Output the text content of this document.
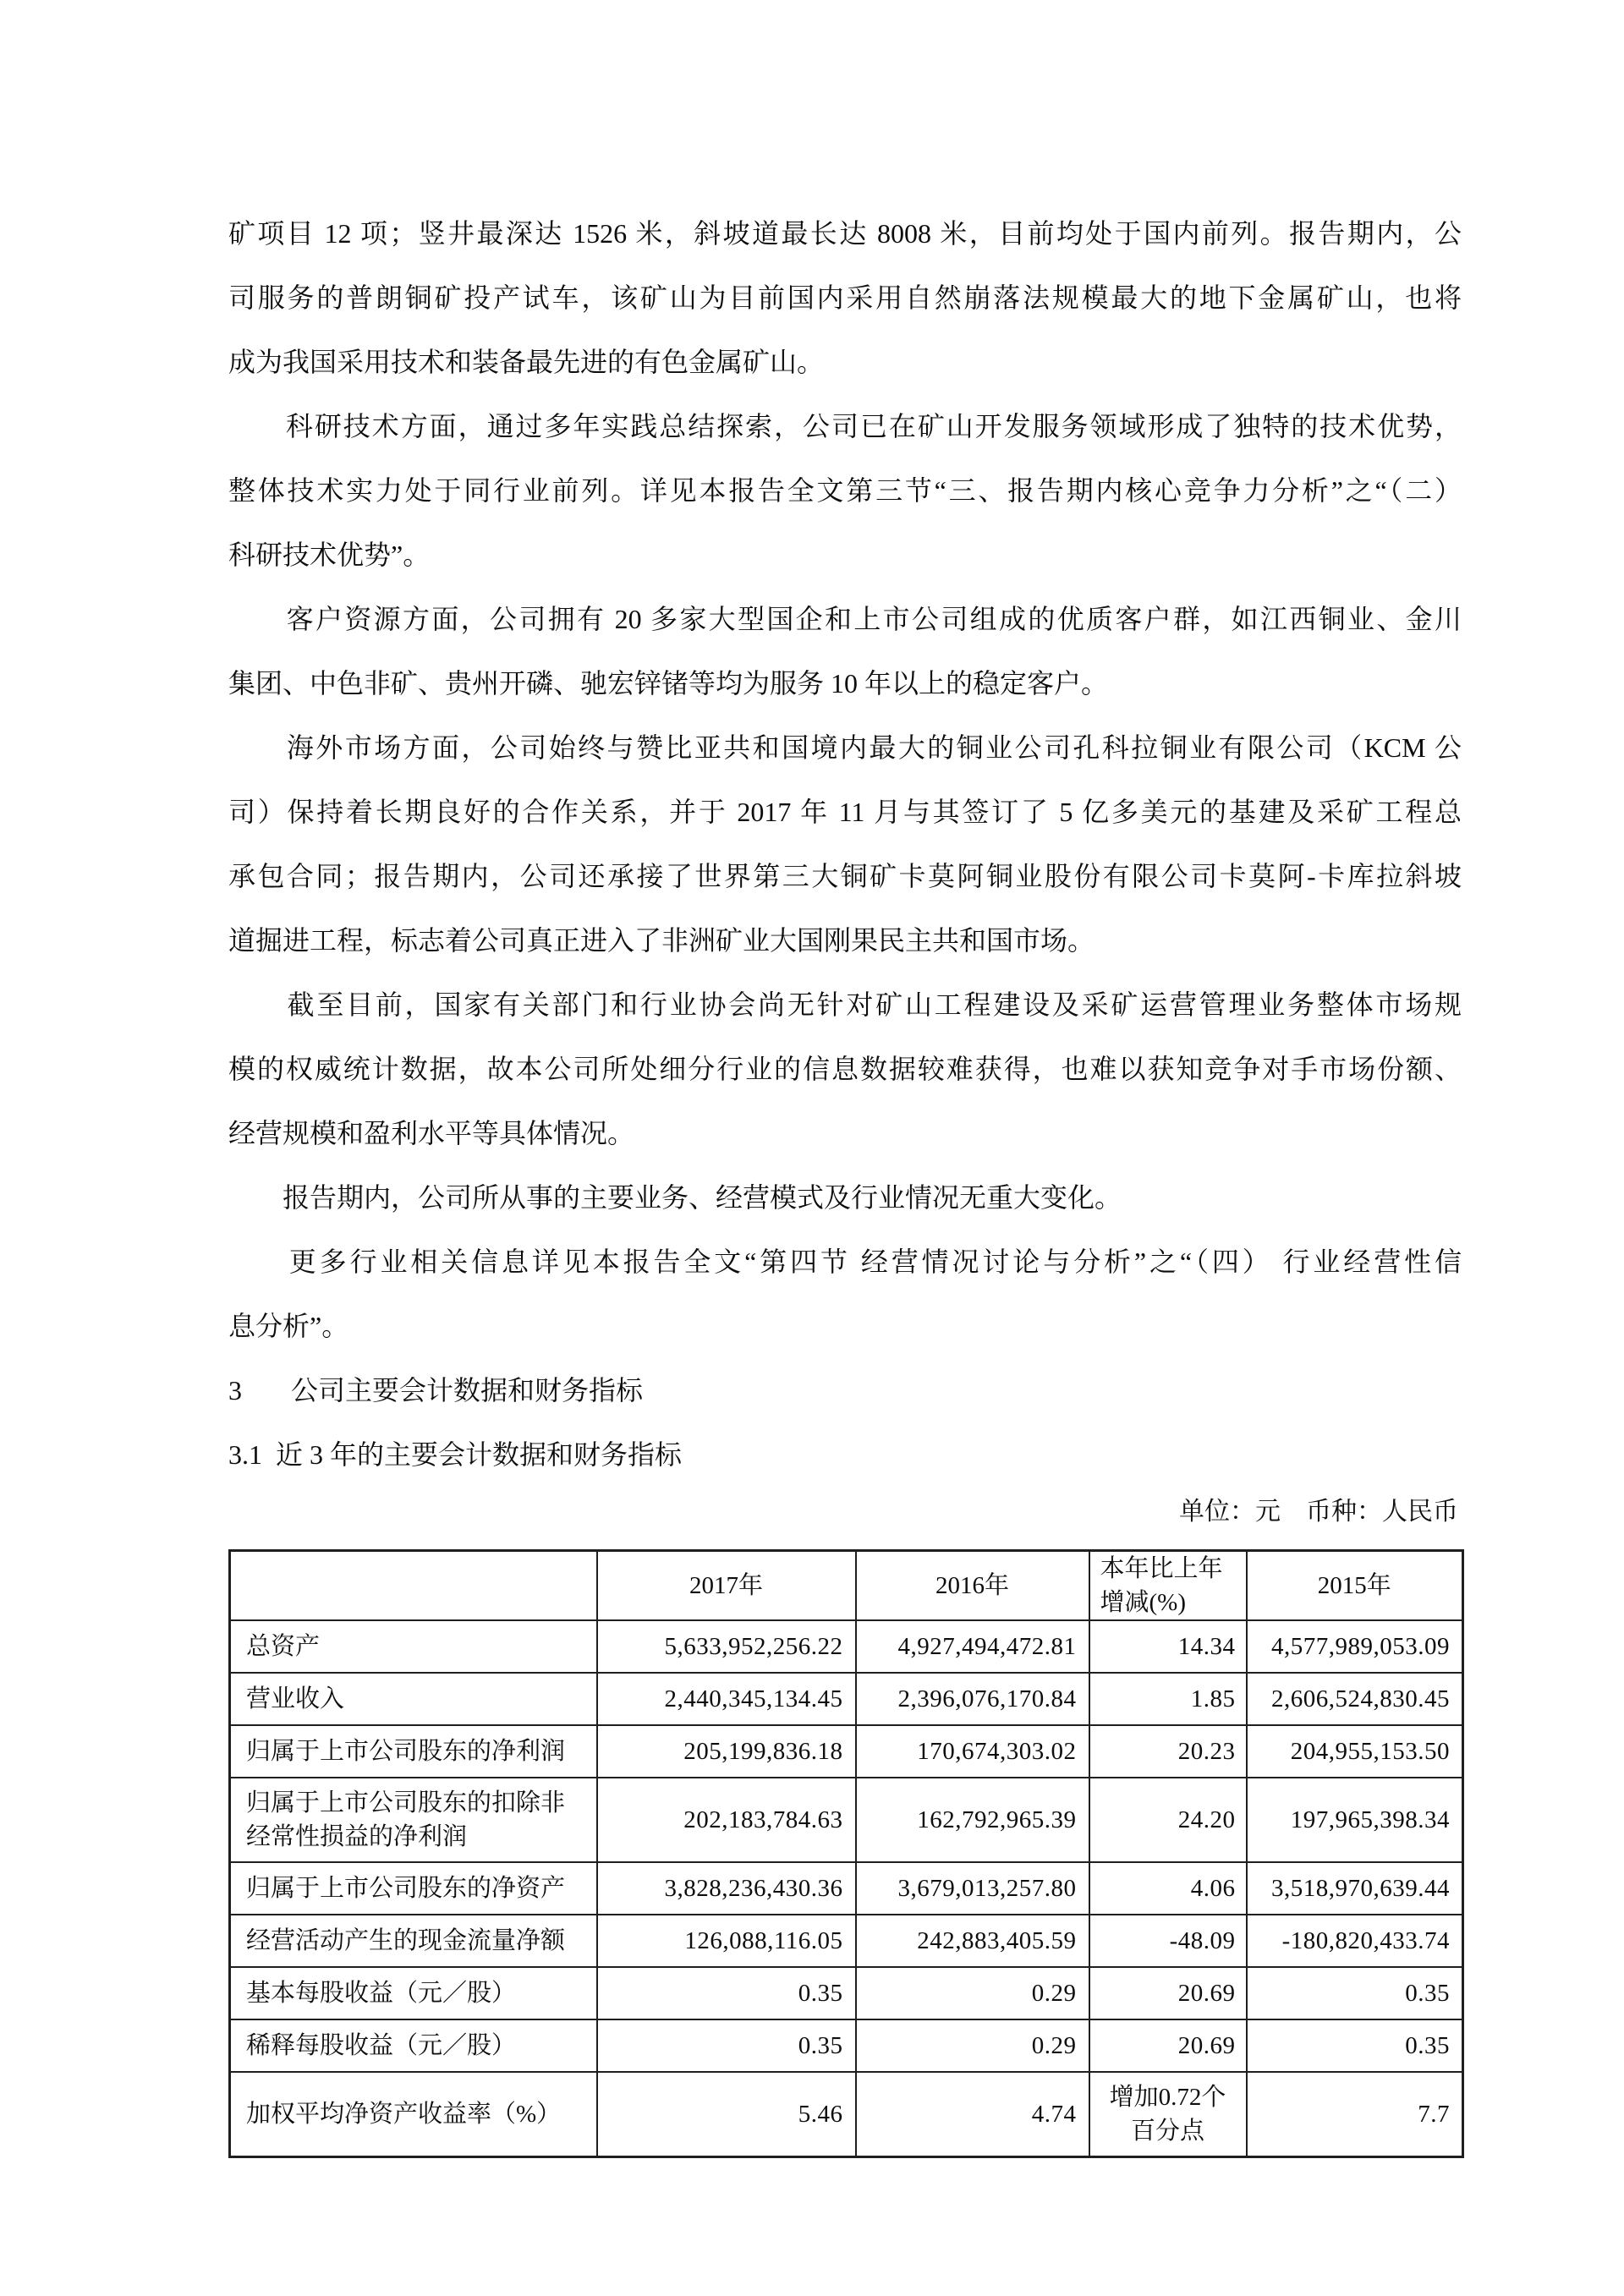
矿项目 12 项；竖井最深达 1526 米，斜坡道最长达 8008 米，目前均处于国内前列。报告期内，公
司服务的普朗铜矿投产试车，该矿山为目前国内采用自然崩落法规模最大的地下金属矿山，也将
成为我国采用技术和装备最先进的有色金属矿山。
　　科研技术方面，通过多年实践总结探索，公司已在矿山开发服务领域形成了独特的技术优势，
整体技术实力处于同行业前列。详见本报告全文第三节“三、报告期内核心竞争力分析”之“（二）
科研技术优势”。
　　客户资源方面，公司拥有 20 多家大型国企和上市公司组成的优质客户群，如江西铜业、金川
集团、中色非矿、贵州开磷、驰宏锌锗等均为服务 10 年以上的稳定客户。
　　海外市场方面，公司始终与赞比亚共和国境内最大的铜业公司孔科拉铜业有限公司（KCM 公
司）保持着长期良好的合作关系，并于 2017 年 11 月与其签订了 5 亿多美元的基建及采矿工程总
承包合同；报告期内，公司还承接了世界第三大铜矿卡莫阿铜业股份有限公司卡莫阿-卡库拉斜坡
道掘进工程，标志着公司真正进入了非洲矿业大国刚果民主共和国市场。
　　截至目前，国家有关部门和行业协会尚无针对矿山工程建设及采矿运营管理业务整体市场规
模的权威统计数据，故本公司所处细分行业的信息数据较难获得，也难以获知竞争对手市场份额、
经营规模和盈利水平等具体情况。
　　报告期内，公司所从事的主要业务、经营模式及行业情况无重大变化。
　　更多行业相关信息详见本报告全文“第四节 经营情况讨论与分析”之“（四） 行业经营性信
息分析”。
3 公司主要会计数据和财务指标
3.1 近 3 年的主要会计数据和财务指标
单位：元　币种：人民币
	2017年	2016年	本年比上年增减(%)	2015年
总资产	5,633,952,256.22	4,927,494,472.81	14.34	4,577,989,053.09
营业收入	2,440,345,134.45	2,396,076,170.84	1.85	2,606,524,830.45
归属于上市公司股东的净利润	205,199,836.18	170,674,303.02	20.23	204,955,153.50
归属于上市公司股东的扣除非经常性损益的净利润	202,183,784.63	162,792,965.39	24.20	197,965,398.34
归属于上市公司股东的净资产	3,828,236,430.36	3,679,013,257.80	4.06	3,518,970,639.44
经营活动产生的现金流量净额	126,088,116.05	242,883,405.59	-48.09	-180,820,433.74
基本每股收益（元／股）	0.35	0.29	20.69	0.35
稀释每股收益（元／股）	0.35	0.29	20.69	0.35
加权平均净资产收益率（%）	5.46	4.74	增加0.72个百分点	7.7
